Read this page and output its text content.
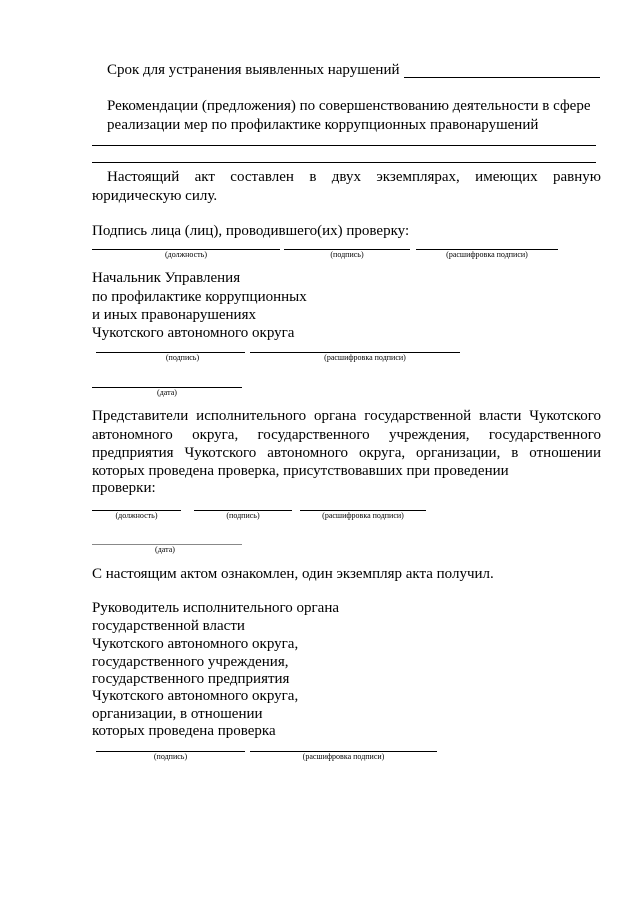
Срок для устранения выявленных нарушений
Рекомендации (предложения) по совершенствованию деятельности в сфере
реализации мер по профилактике коррупционных правонарушений
Настоящий акт составлен в двух экземплярах, имеющих равную
юридическую силу.
Подпись лица (лиц), проводившего(их) проверку:
(должность)	(подпись)	(расшифровка подписи)
Начальник Управления
по профилактике коррупционных
и иных правонарушениях
Чукотского автономного округа
(подпись)	(расшифровка подписи)
(дата)
Представители исполнительного органа государственной власти Чукотского
автономного округа, государственного учреждения, государственного
предприятия Чукотского автономного округа, организации, в отношении
которых проведена проверка, присутствовавших при проведении
проверки:
(должность)	(подпись)	(расшифровка подписи)
(дата)
С настоящим актом ознакомлен, один экземпляр акта получил.
Руководитель исполнительного органа
государственной власти
Чукотского автономного округа,
государственного учреждения,
государственного предприятия
Чукотского автономного округа,
организации, в отношении
которых проведена проверка
(подпись)	(расшифровка подписи)
